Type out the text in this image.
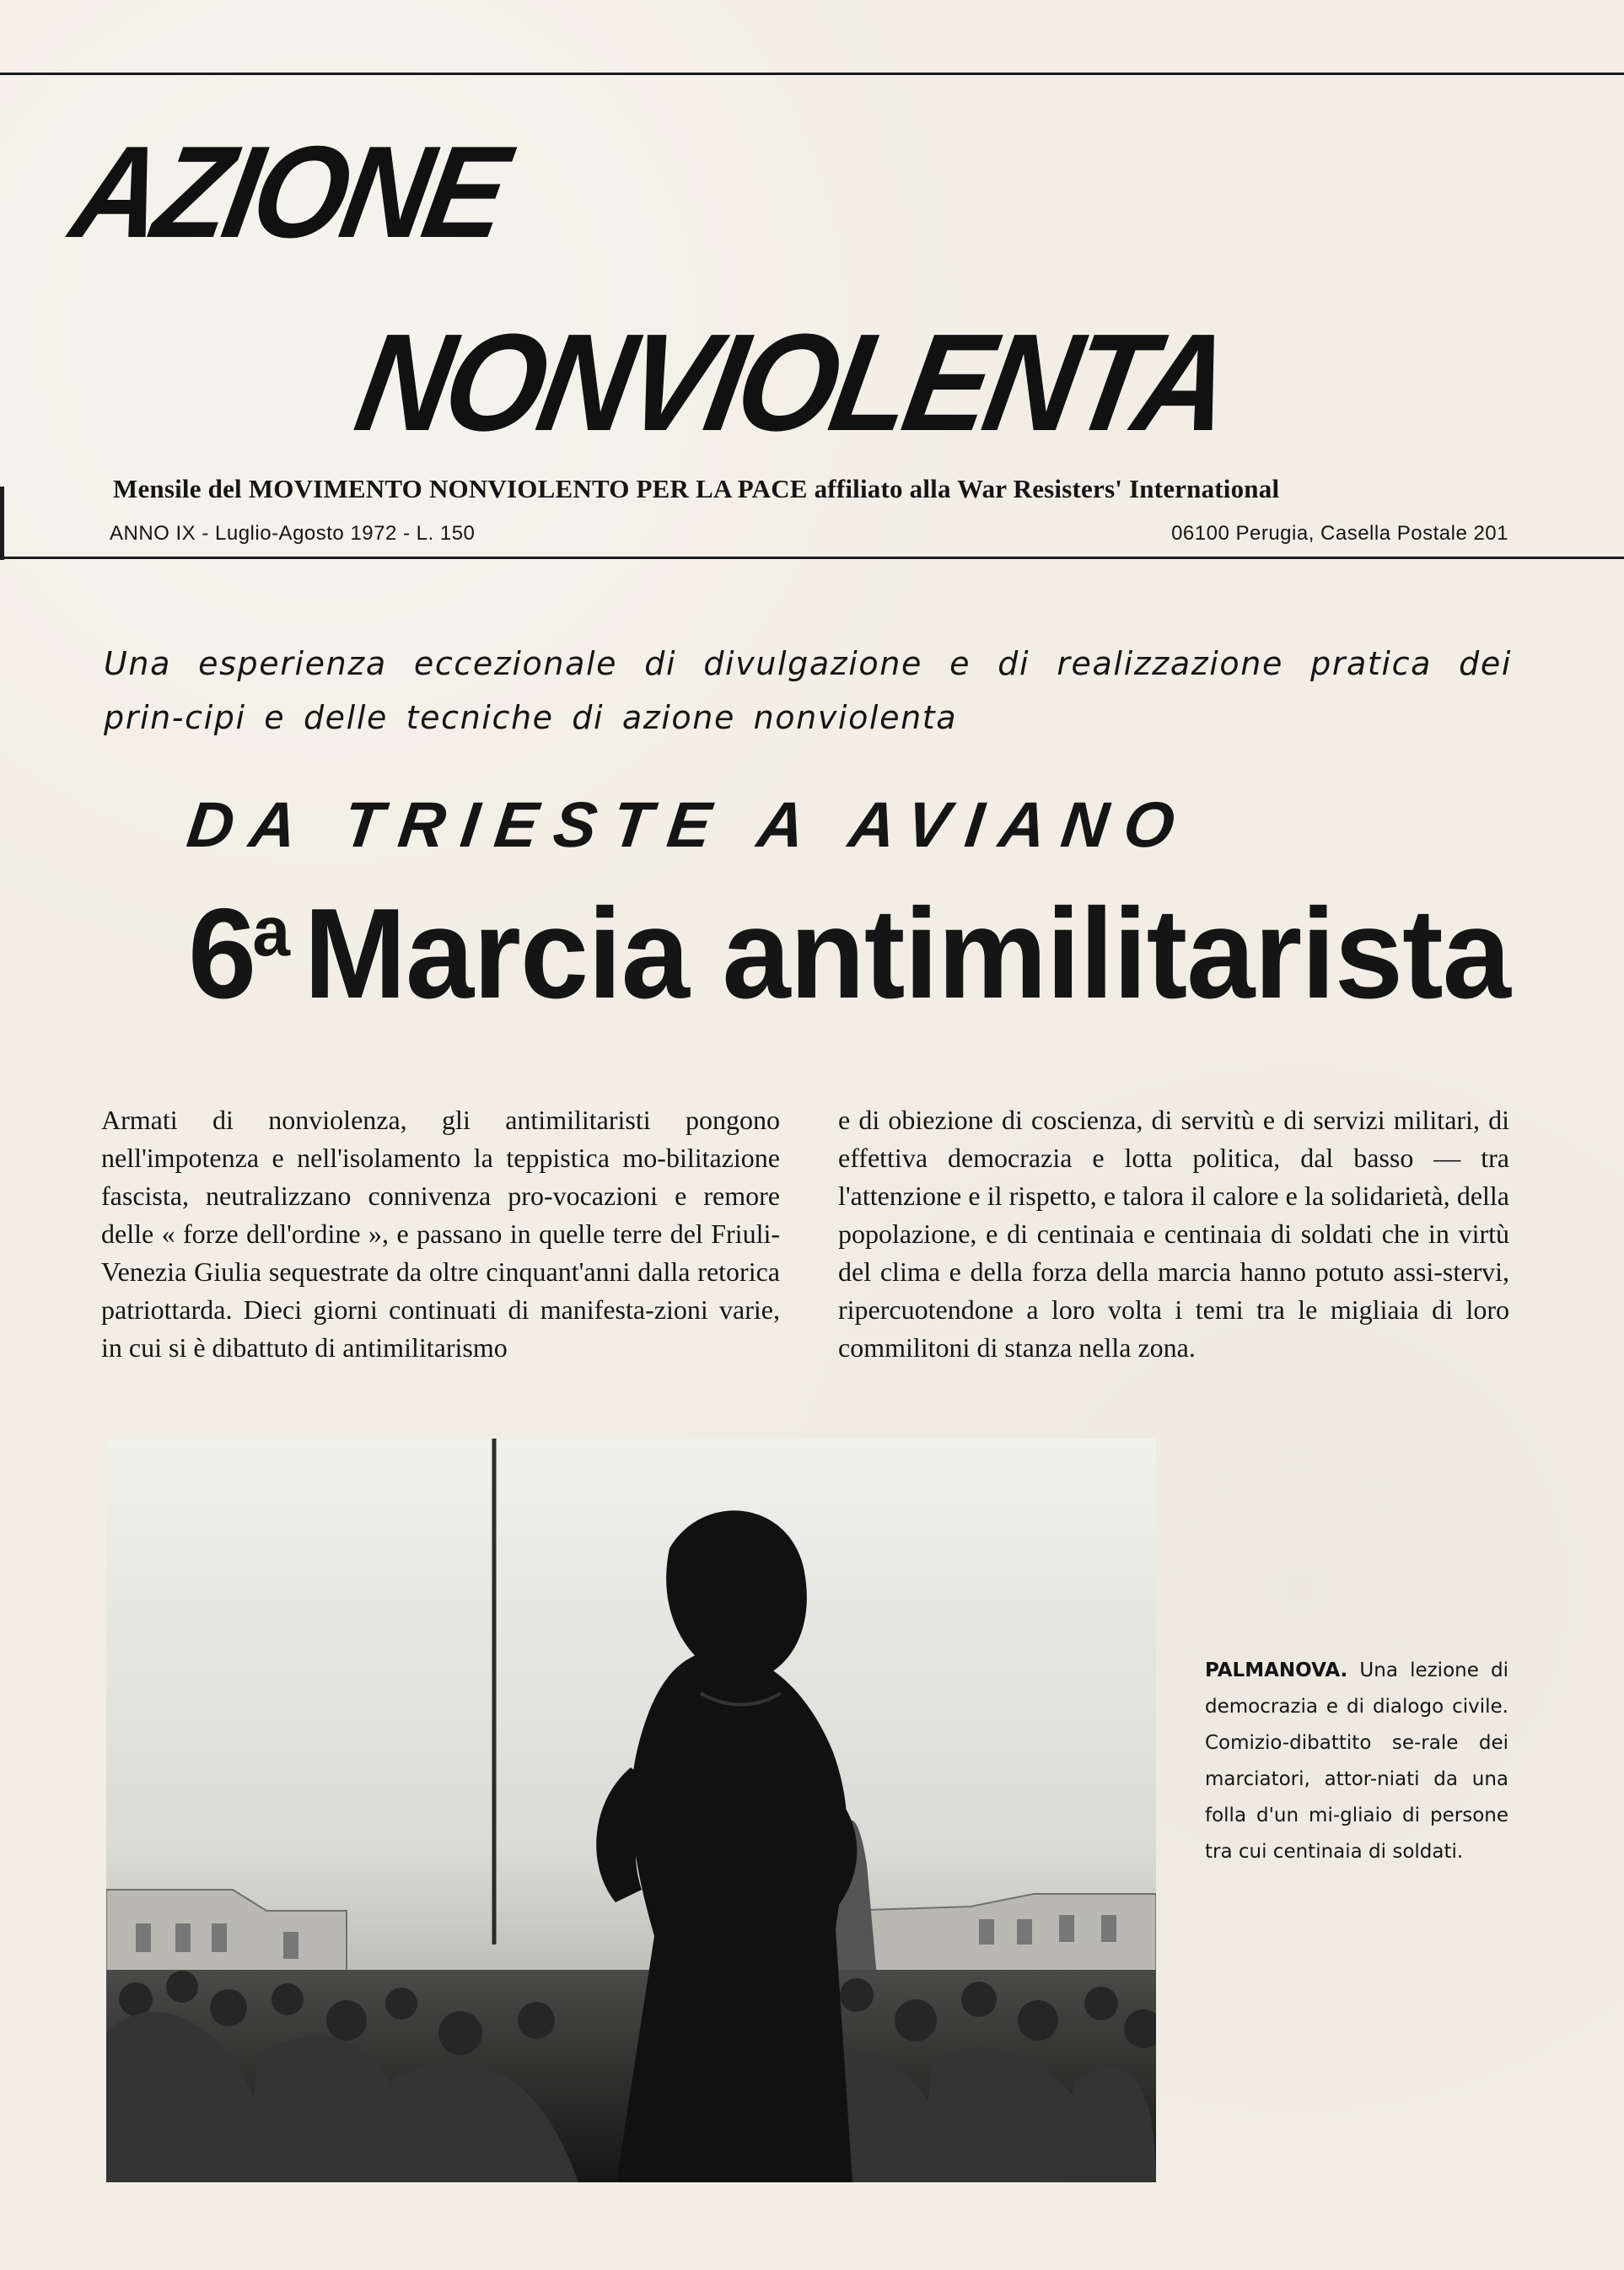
AZIONE
NONVIOLENTA
Mensile del MOVIMENTO NONVIOLENTO PER LA PACE affiliato alla War Resisters' International
ANNO IX - Luglio-Agosto 1972 - L. 150	06100 Perugia, Casella Postale 201
Una esperienza eccezionale di divulgazione e di realizzazione pratica dei prin-cipi e delle tecniche di azione nonviolenta
DA TRIESTE A AVIANO
6$^a$ Marcia antimilitarista
Armati di nonviolenza, gli antimilitaristi pongono nell'impotenza e nell'isolamento la teppistica mo-bilitazione fascista, neutralizzano connivenza pro-vocazioni e remore delle « forze dell'ordine », e passano in quelle terre del Friuli-Venezia Giulia sequestrate da oltre cinquant'anni dalla retorica patriottarda. Dieci giorni continuati di manifesta-zioni varie, in cui si è dibattuto di antimilitarismo
e di obiezione di coscienza, di servitù e di servizi militari, di effettiva democrazia e lotta politica, dal basso — tra l'attenzione e il rispetto, e talora il calore e la solidarietà, della popolazione, e di centinaia e centinaia di soldati che in virtù del clima e della forza della marcia hanno potuto assi-stervi, ripercuotendone a loro volta i temi tra le migliaia di loro commilitoni di stanza nella zona.
PALMANOVA. Una lezione di democrazia e di dialogo civile. Comizio-dibattito se-rale dei marciatori, attor-niati da una folla d'un mi-gliaio di persone tra cui centinaia di soldati.
